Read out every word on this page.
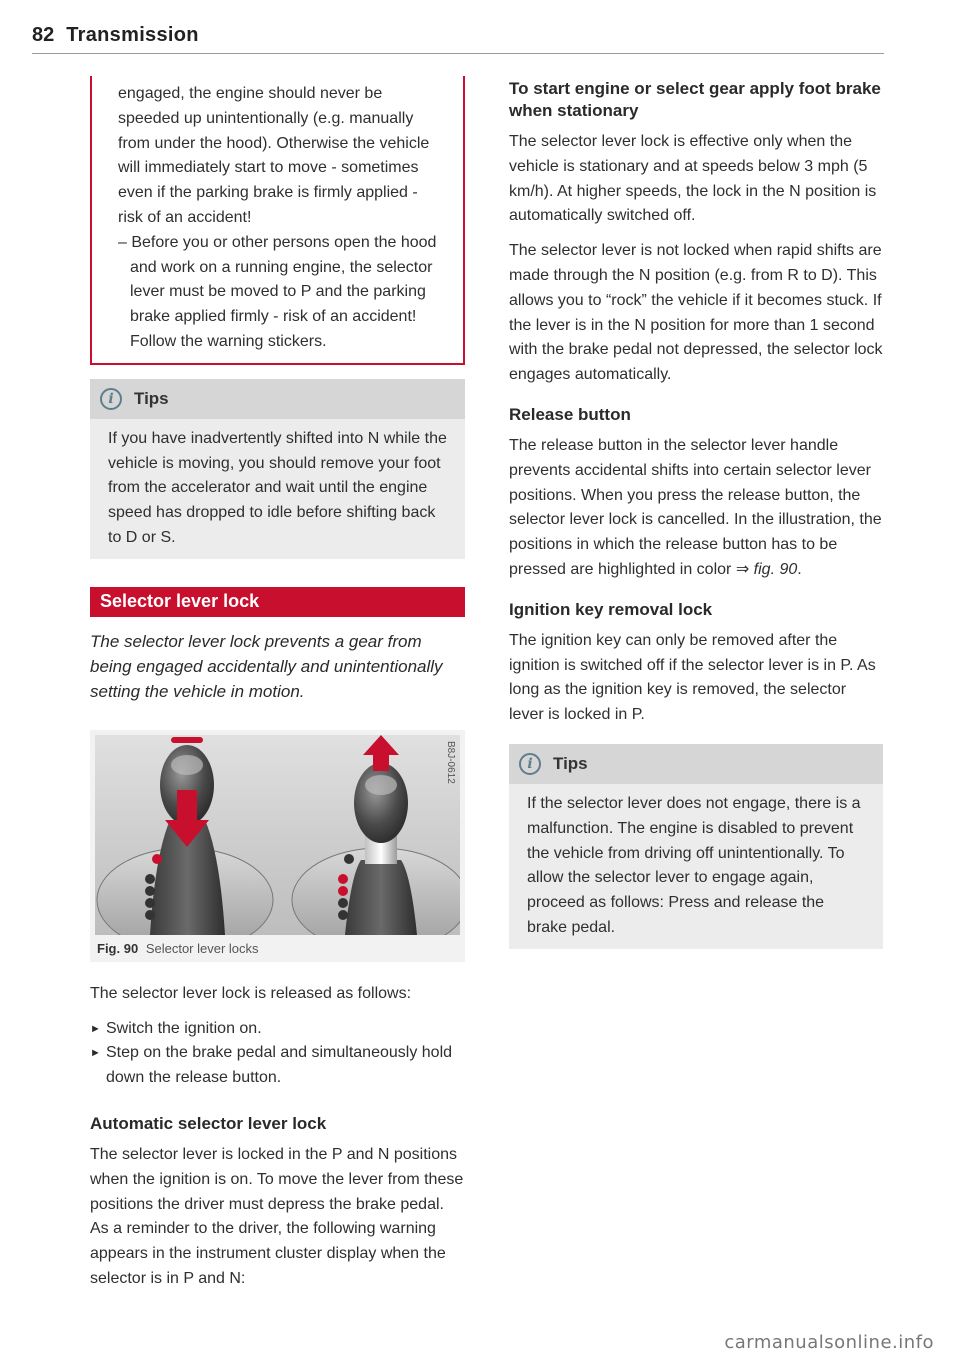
82 Transmission

engaged, the engine should never be speeded up unintentionally (e.g. manually from under the hood). Otherwise the vehicle will immediately start to move - sometimes even if the parking brake is firmly applied - risk of an accident!

– Before you or other persons open the hood and work on a running engine, the selector lever must be moved to P and the parking brake applied firmly - risk of an accident! Follow the warning stickers.
i	Tips

If you have inadvertently shifted into N while the vehicle is moving, you should remove your foot from the accelerator and wait until the engine speed has dropped to idle before shifting back to D or S.

Selector lever lock

The selector lever lock prevents a gear from being engaged accidentally and unintentionally setting the vehicle in motion.

B8J-0612
Fig. 90 Selector lever locks

The selector lever lock is released as follows:

► Switch the ignition on.
► Step on the brake pedal and simultaneously hold down the release button.
Automatic selector lever lock

The selector lever is locked in the P and N positions when the ignition is on. To move the lever from these positions the driver must depress the brake pedal. As a reminder to the driver, the following warning appears in the instrument cluster display when the selector is in P and N:

To start engine or select gear apply foot brake when stationary

The selector lever lock is effective only when the vehicle is stationary and at speeds below 3 mph (5 km/h). At higher speeds, the lock in the N position is automatically switched off.

The selector lever is not locked when rapid shifts are made through the N position (e.g. from R to D). This allows you to “rock” the vehicle if it becomes stuck. If the lever is in the N position for more than 1 second with the brake pedal not depressed, the selector lock engages automatically.

Release button

The release button in the selector lever handle prevents accidental shifts into certain selector lever positions. When you press the release button, the selector lever lock is cancelled. In the illustration, the positions in which the release button has to be pressed are highlighted in color ⇒ fig. 90.

Ignition key removal lock

The ignition key can only be removed after the ignition is switched off if the selector lever is in P. As long as the ignition key is removed, the selector lever is locked in P.

i	Tips

If the selector lever does not engage, there is a malfunction. The engine is disabled to prevent the vehicle from driving off unintentionally. To allow the selector lever to engage again, proceed as follows: Press and release the brake pedal.

carmanualsonline.info
